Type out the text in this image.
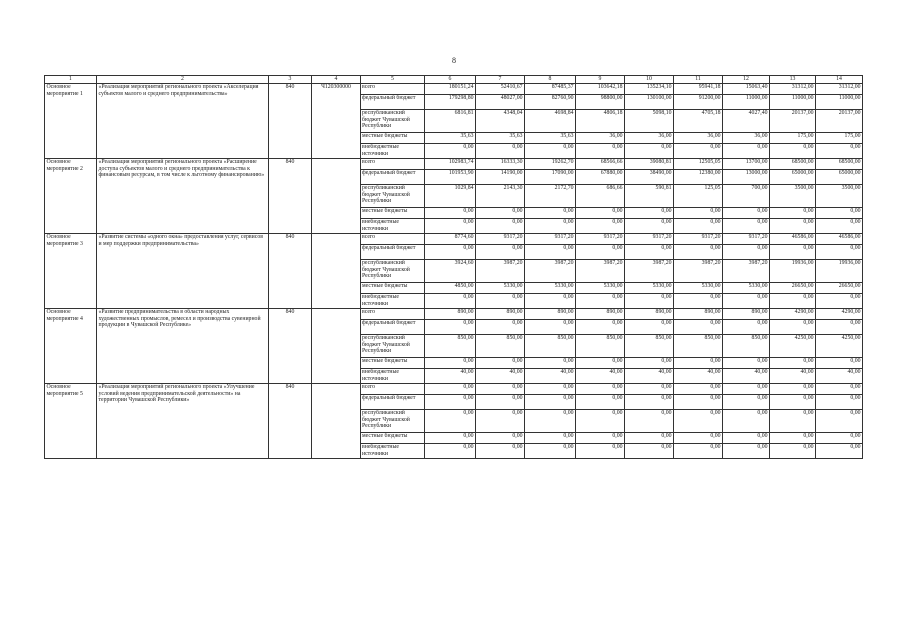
8
1	2	3	4	5	6	7	8	9	10	11	12	13	14
Основное мероприятие 1	«Реализация мероприятий регионального проекта «Акселерация субъектов малого и среднего предпринимательства»	840	Ч120300000	всего	180151,24	52410,67	87485,37	103642,18	135234,10	95941,18	15063,40	31312,00	31312,00
				федеральный бюджет	179298,80	48027,00	82760,90	98800,00	130100,00	91200,00	11000,00	11000,00	11000,00
				республиканский бюджет Чувашской Республики	6816,81	4348,04	4698,84	4806,18	5098,10	4705,18	4027,40	20137,00	20137,00
				местные бюджеты	35,63	35,63	35,63	36,00	36,00	36,00	36,00	175,00	175,00
				внебюджетные источники	0,00	0,00	0,00	0,00	0,00	0,00	0,00	0,00	0,00
Основное мероприятие 2	«Реализация мероприятий регионального проекта «Расширение доступа субъектов малого и среднего предпринимательства к финансовым ресурсам, в том числе к льготному финансированию»	840		всего	102983,74	16333,30	19262,70	68566,66	39080,81	12505,05	13700,00	68500,00	68500,00
				федеральный бюджет	101953,90	14190,00	17090,00	67880,00	38490,00	12380,00	13000,00	65000,00	65000,00
				республиканский бюджет Чувашской Республики	1029,84	2143,30	2172,70	686,66	590,81	125,05	700,00	3500,00	3500,00
				местные бюджеты	0,00	0,00	0,00	0,00	0,00	0,00	0,00	0,00	0,00
				внебюджетные источники	0,00	0,00	0,00	0,00	0,00	0,00	0,00	0,00	0,00
Основное мероприятие 3	«Развитие системы «одного окна» предоставления услуг, сервисов и мер поддержки предпринимательства»	840		всего	8774,60	9317,20	9317,20	9317,20	9317,20	9317,20	9317,20	46586,00	46586,00
				федеральный бюджет	0,00	0,00	0,00	0,00	0,00	0,00	0,00	0,00	0,00
				республиканский бюджет Чувашской Республики	3924,60	3987,20	3987,20	3987,20	3987,20	3987,20	3987,20	19936,00	19936,00
				местные бюджеты	4850,00	5330,00	5330,00	5330,00	5330,00	5330,00	5330,00	26650,00	26650,00
				внебюджетные источники	0,00	0,00	0,00	0,00	0,00	0,00	0,00	0,00	0,00
Основное мероприятие 4	«Развитие предпринимательства в области народных художественных промыслов, ремесел и производства сувенирной продукции в Чувашской Республике»	840		всего	890,00	890,00	890,00	890,00	890,00	890,00	890,00	4290,00	4290,00
				федеральный бюджет	0,00	0,00	0,00	0,00	0,00	0,00	0,00	0,00	0,00
				республиканский бюджет Чувашской Республики	850,00	850,00	850,00	850,00	850,00	850,00	850,00	4250,00	4250,00
				местные бюджеты	0,00	0,00	0,00	0,00	0,00	0,00	0,00	0,00	0,00
				внебюджетные источники	40,00	40,00	40,00	40,00	40,00	40,00	40,00	40,00	40,00
Основное мероприятие 5	«Реализация мероприятий регионального проекта «Улучшение условий ведения предпринимательской деятельности» на территории Чувашской Республики»	840		всего	0,00	0,00	0,00	0,00	0,00	0,00	0,00	0,00	0,00
				федеральный бюджет	0,00	0,00	0,00	0,00	0,00	0,00	0,00	0,00	0,00
				республиканский бюджет Чувашской Республики	0,00	0,00	0,00	0,00	0,00	0,00	0,00	0,00	0,00
				местные бюджеты	0,00	0,00	0,00	0,00	0,00	0,00	0,00	0,00	0,00
				внебюджетные источники	0,00	0,00	0,00	0,00	0,00	0,00	0,00	0,00	0,00
